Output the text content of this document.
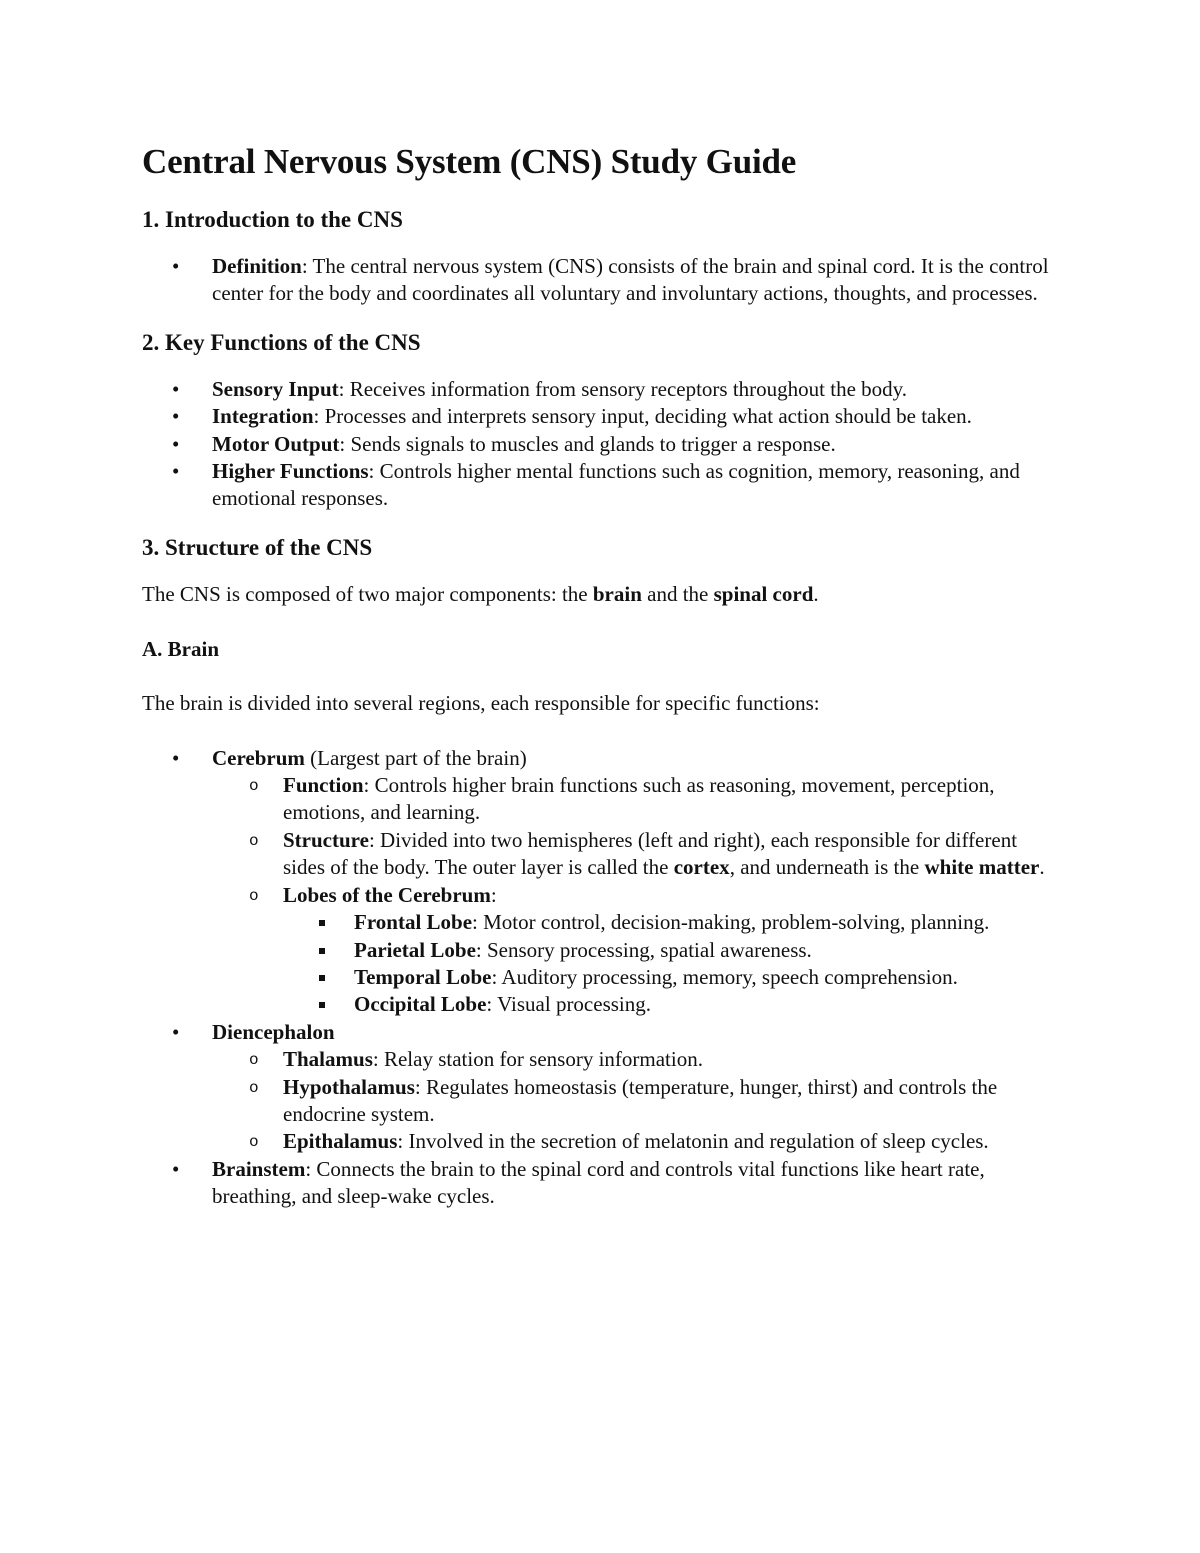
Central Nervous System (CNS) Study Guide
1. Introduction to the CNS
• Definition: The central nervous system (CNS) consists of the brain and spinal cord. It is the control center for the body and coordinates all voluntary and involuntary actions, thoughts, and processes.
2. Key Functions of the CNS
• Sensory Input: Receives information from sensory receptors throughout the body.
• Integration: Processes and interprets sensory input, deciding what action should be taken.
• Motor Output: Sends signals to muscles and glands to trigger a response.
• Higher Functions: Controls higher mental functions such as cognition, memory, reasoning, and emotional responses.
3. Structure of the CNS

The CNS is composed of two major components: the brain and the spinal cord.

A. Brain

The brain is divided into several regions, each responsible for specific functions:

• Cerebrum (Largest part of the brain)
o Function: Controls higher brain functions such as reasoning, movement, perception, emotions, and learning.
o Structure: Divided into two hemispheres (left and right), each responsible for different sides of the body. The outer layer is called the cortex, and underneath is the white matter.
o Lobes of the Cerebrum:
Frontal Lobe: Motor control, decision-making, problem-solving, planning.
Parietal Lobe: Sensory processing, spatial awareness.
Temporal Lobe: Auditory processing, memory, speech comprehension.
Occipital Lobe: Visual processing.
• Diencephalon
o Thalamus: Relay station for sensory information.
o Hypothalamus: Regulates homeostasis (temperature, hunger, thirst) and controls the endocrine system.
o Epithalamus: Involved in the secretion of melatonin and regulation of sleep cycles.
• Brainstem: Connects the brain to the spinal cord and controls vital functions like heart rate, breathing, and sleep-wake cycles.
